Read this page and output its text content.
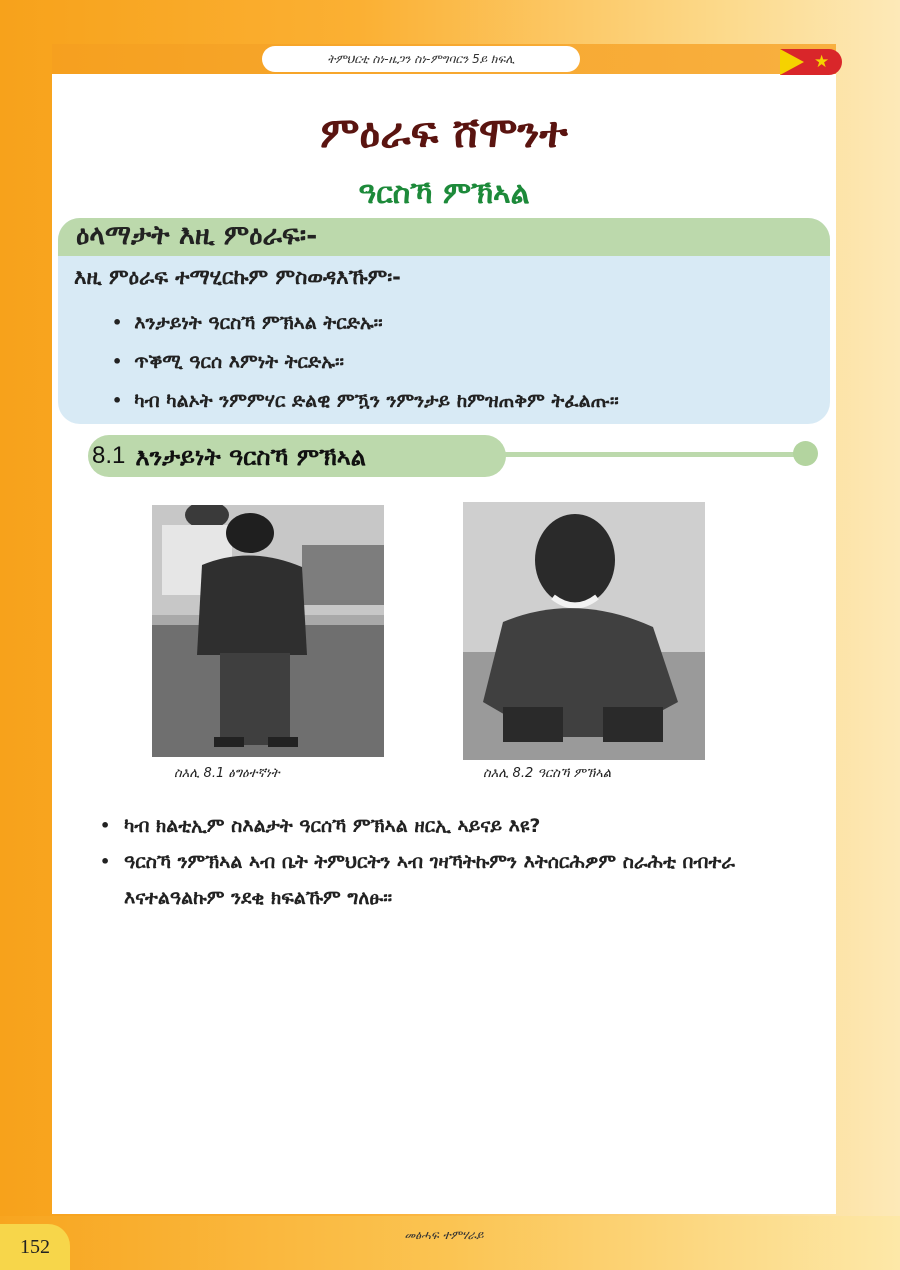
ትምህርቲ ስነ-ዜጋን ስነ-ምግባርን 5ይ ክፍሊ	★
ምዕራፍ ሸሞንተ
ዓርስኻ ምኽኣል
ዕላማታት እዚ ምዕራፍ፡-
እዚ ምዕራፍ ተማሂርኩም ምስወዳእኹም፡-
• እንታይነት ዓርስኻ ምኽኣል ትርድኡ፡፡
• ጥቕሚ ዓርሰ እምነት ትርድኡ፡፡
• ካብ ካልኦት ንምምሃር ድልዊ ምዃን ንምንታይ ከምዝጠቅም ትፈልጡ፡፡
8.1 እንታይነት ዓርስኻ ምኽኣል
ስእሊ 8.1 ፅግዕተኛነት	ስእሊ 8.2 ዓርስኻ ምኽኣል
• ካብ ክልቲኢም ስእልታት ዓርሰኻ ምኽኣል ዘርኢ ኣይናይ እዩ?
• ዓርስኻ ንምኽኣል ኣብ ቤት ትምህርትን ኣብ ገዛኻትኩምን እትሰርሕዎም ስራሕቲ በብተራ እናተልዓልኩም ንደቂ ክፍልኹም ግለፁ፡፡
152
መፅሓፍ ተምሃራይ
